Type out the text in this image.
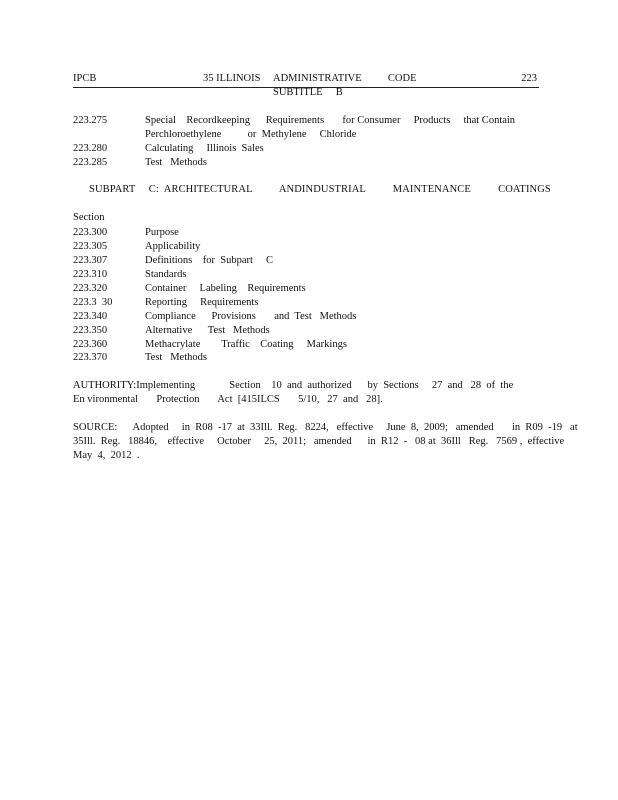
IPCB	35 ILLINOIS     ADMINISTRATIVE          CODE	223
SUBTITLE     B
223.275	Special    Recordkeeping      Requirements       for Consumer     Products     that Contain
Perchloroethylene          or  Methylene     Chloride
223.280	Calculating     Illinois  Sales
223.285	Test   Methods
SUBPART     C:  ARCHITECTURAL          ANDINDUSTRIAL          MAINTENANCE          COATINGS
Section
223.300	Purpose
223.305	Applicability
223.307	Definitions    for  Subpart     C
223.310	Standards
223.320	Container     Labeling    Requirements
223.3  30	Reporting     Requirements
223.340	Compliance      Provisions       and  Test   Methods
223.350	Alternative      Test   Methods
223.360	Methacrylate        Traffic    Coating     Markings
223.370	Test   Methods
AUTHORITY:Implementing             Section    10  and  authorized      by  Sections     27  and   28  of  the
En vironmental       Protection       Act  [415ILCS       5/10,   27  and   28].
SOURCE:      Adopted     in  R08  -17  at  33Ill.  Reg.   8224,   effective     June  8,  2009;   amended       in  R09  -19   at
35Ill.  Reg.   18846,    effective     October     25,  2011;   amended      in  R12  -   08 at  36Ill   Reg.   7569 ,  effective
May  4,  2012  .
